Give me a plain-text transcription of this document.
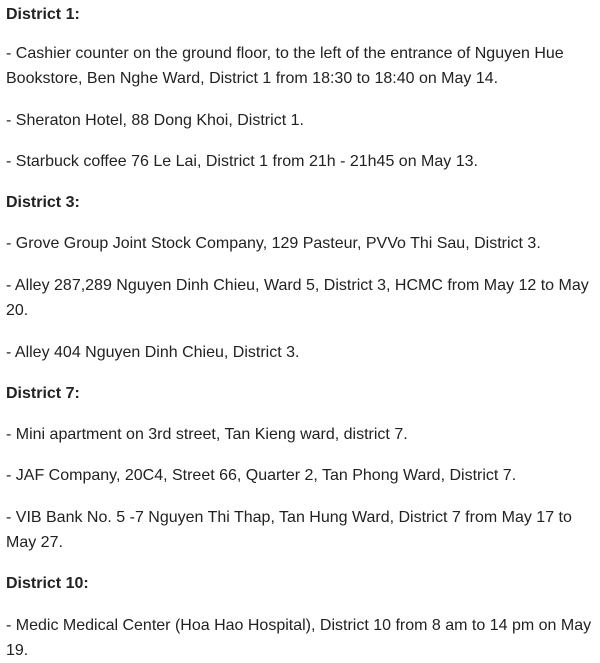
District 1:

- Cashier counter on the ground floor, to the left of the entrance of Nguyen Hue
Bookstore, Ben Nghe Ward, District 1 from 18:30 to 18:40 on May 14.

- Sheraton Hotel, 88 Dong Khoi, District 1.

- Starbuck coffee 76 Le Lai, District 1 from 21h - 21h45 on May 13.

District 3:

- Grove Group Joint Stock Company, 129 Pasteur, PVVo Thi Sau, District 3.

- Alley 287,289 Nguyen Dinh Chieu, Ward 5, District 3, HCMC from May 12 to May
20.

- Alley 404 Nguyen Dinh Chieu, District 3.

District 7:

- Mini apartment on 3rd street, Tan Kieng ward, district 7.

- JAF Company, 20C4, Street 66, Quarter 2, Tan Phong Ward, District 7.

- VIB Bank No. 5 -7 Nguyen Thi Thap, Tan Hung Ward, District 7 from May 17 to
May 27.

District 10:

- Medic Medical Center (Hoa Hao Hospital), District 10 from 8 am to 14 pm on May
19.
